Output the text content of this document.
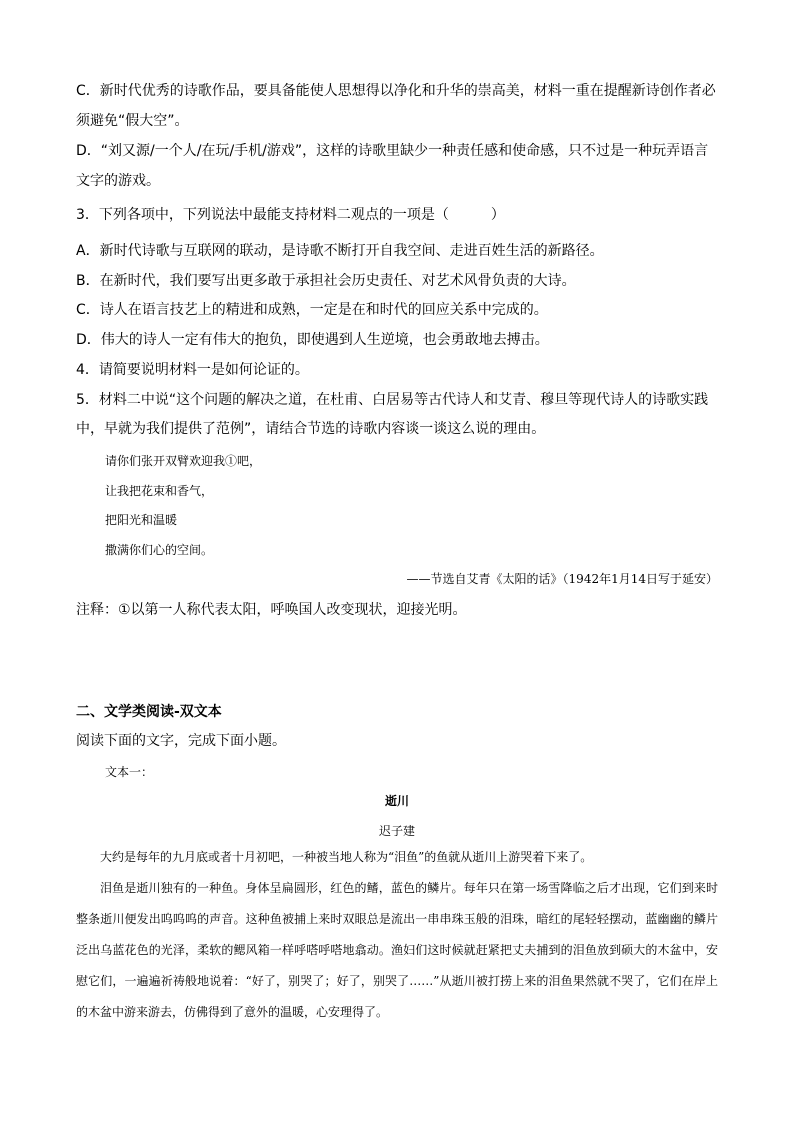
C．新时代优秀的诗歌作品，要具备能使人思想得以净化和升华的崇高美，材料一重在提醒新诗创作者必
须避免“假大空”。
D．“刘又源/一个人/在玩/手机/游戏”，这样的诗歌里缺少一种责任感和使命感，只不过是一种玩弄语言
文字的游戏。
3．下列各项中，下列说法中最能支持材料二观点的一项是（　　　）
A．新时代诗歌与互联网的联动，是诗歌不断打开自我空间、走进百姓生活的新路径。
B．在新时代，我们要写出更多敢于承担社会历史责任、对艺术风骨负责的大诗。
C．诗人在语言技艺上的精进和成熟，一定是在和时代的回应关系中完成的。
D．伟大的诗人一定有伟大的抱负，即使遇到人生逆境，也会勇敢地去搏击。
4．请简要说明材料一是如何论证的。
5．材料二中说“这个问题的解决之道，在杜甫、白居易等古代诗人和艾青、穆旦等现代诗人的诗歌实践
中，早就为我们提供了范例”，请结合节选的诗歌内容谈一谈这么说的理由。
请你们张开双臂欢迎我①吧，
让我把花束和香气，
把阳光和温暖
撒满你们心的空间。
——节选自艾青《太阳的话》（1942年1月14日写于延安）
注释：①以第一人称代表太阳，呼唤国人改变现状，迎接光明。
二、文学类阅读-双文本
阅读下面的文字，完成下面小题。
文本一：
逝川
迟子建

大约是每年的九月底或者十月初吧，一种被当地人称为“泪鱼”的鱼就从逝川上游哭着下来了。

泪鱼是逝川独有的一种鱼。身体呈扁圆形，红色的鳍，蓝色的鳞片。每年只在第一场雪降临之后才出现，它们到来时整条逝川便发出呜呜呜的声音。这种鱼被捕上来时双眼总是流出一串串珠玉般的泪珠，暗红的尾轻轻摆动，蓝幽幽的鳞片泛出乌蓝花色的光泽，柔软的鳃风箱一样呼嗒呼嗒地翕动。渔妇们这时候就赶紧把丈夫捕到的泪鱼放到硕大的木盆中，安慰它们，一遍遍祈祷般地说着：“好了，别哭了；好了，别哭了……”从逝川被打捞上来的泪鱼果然就不哭了，它们在岸上的木盆中游来游去，仿佛得到了意外的温暖，心安理得了。
